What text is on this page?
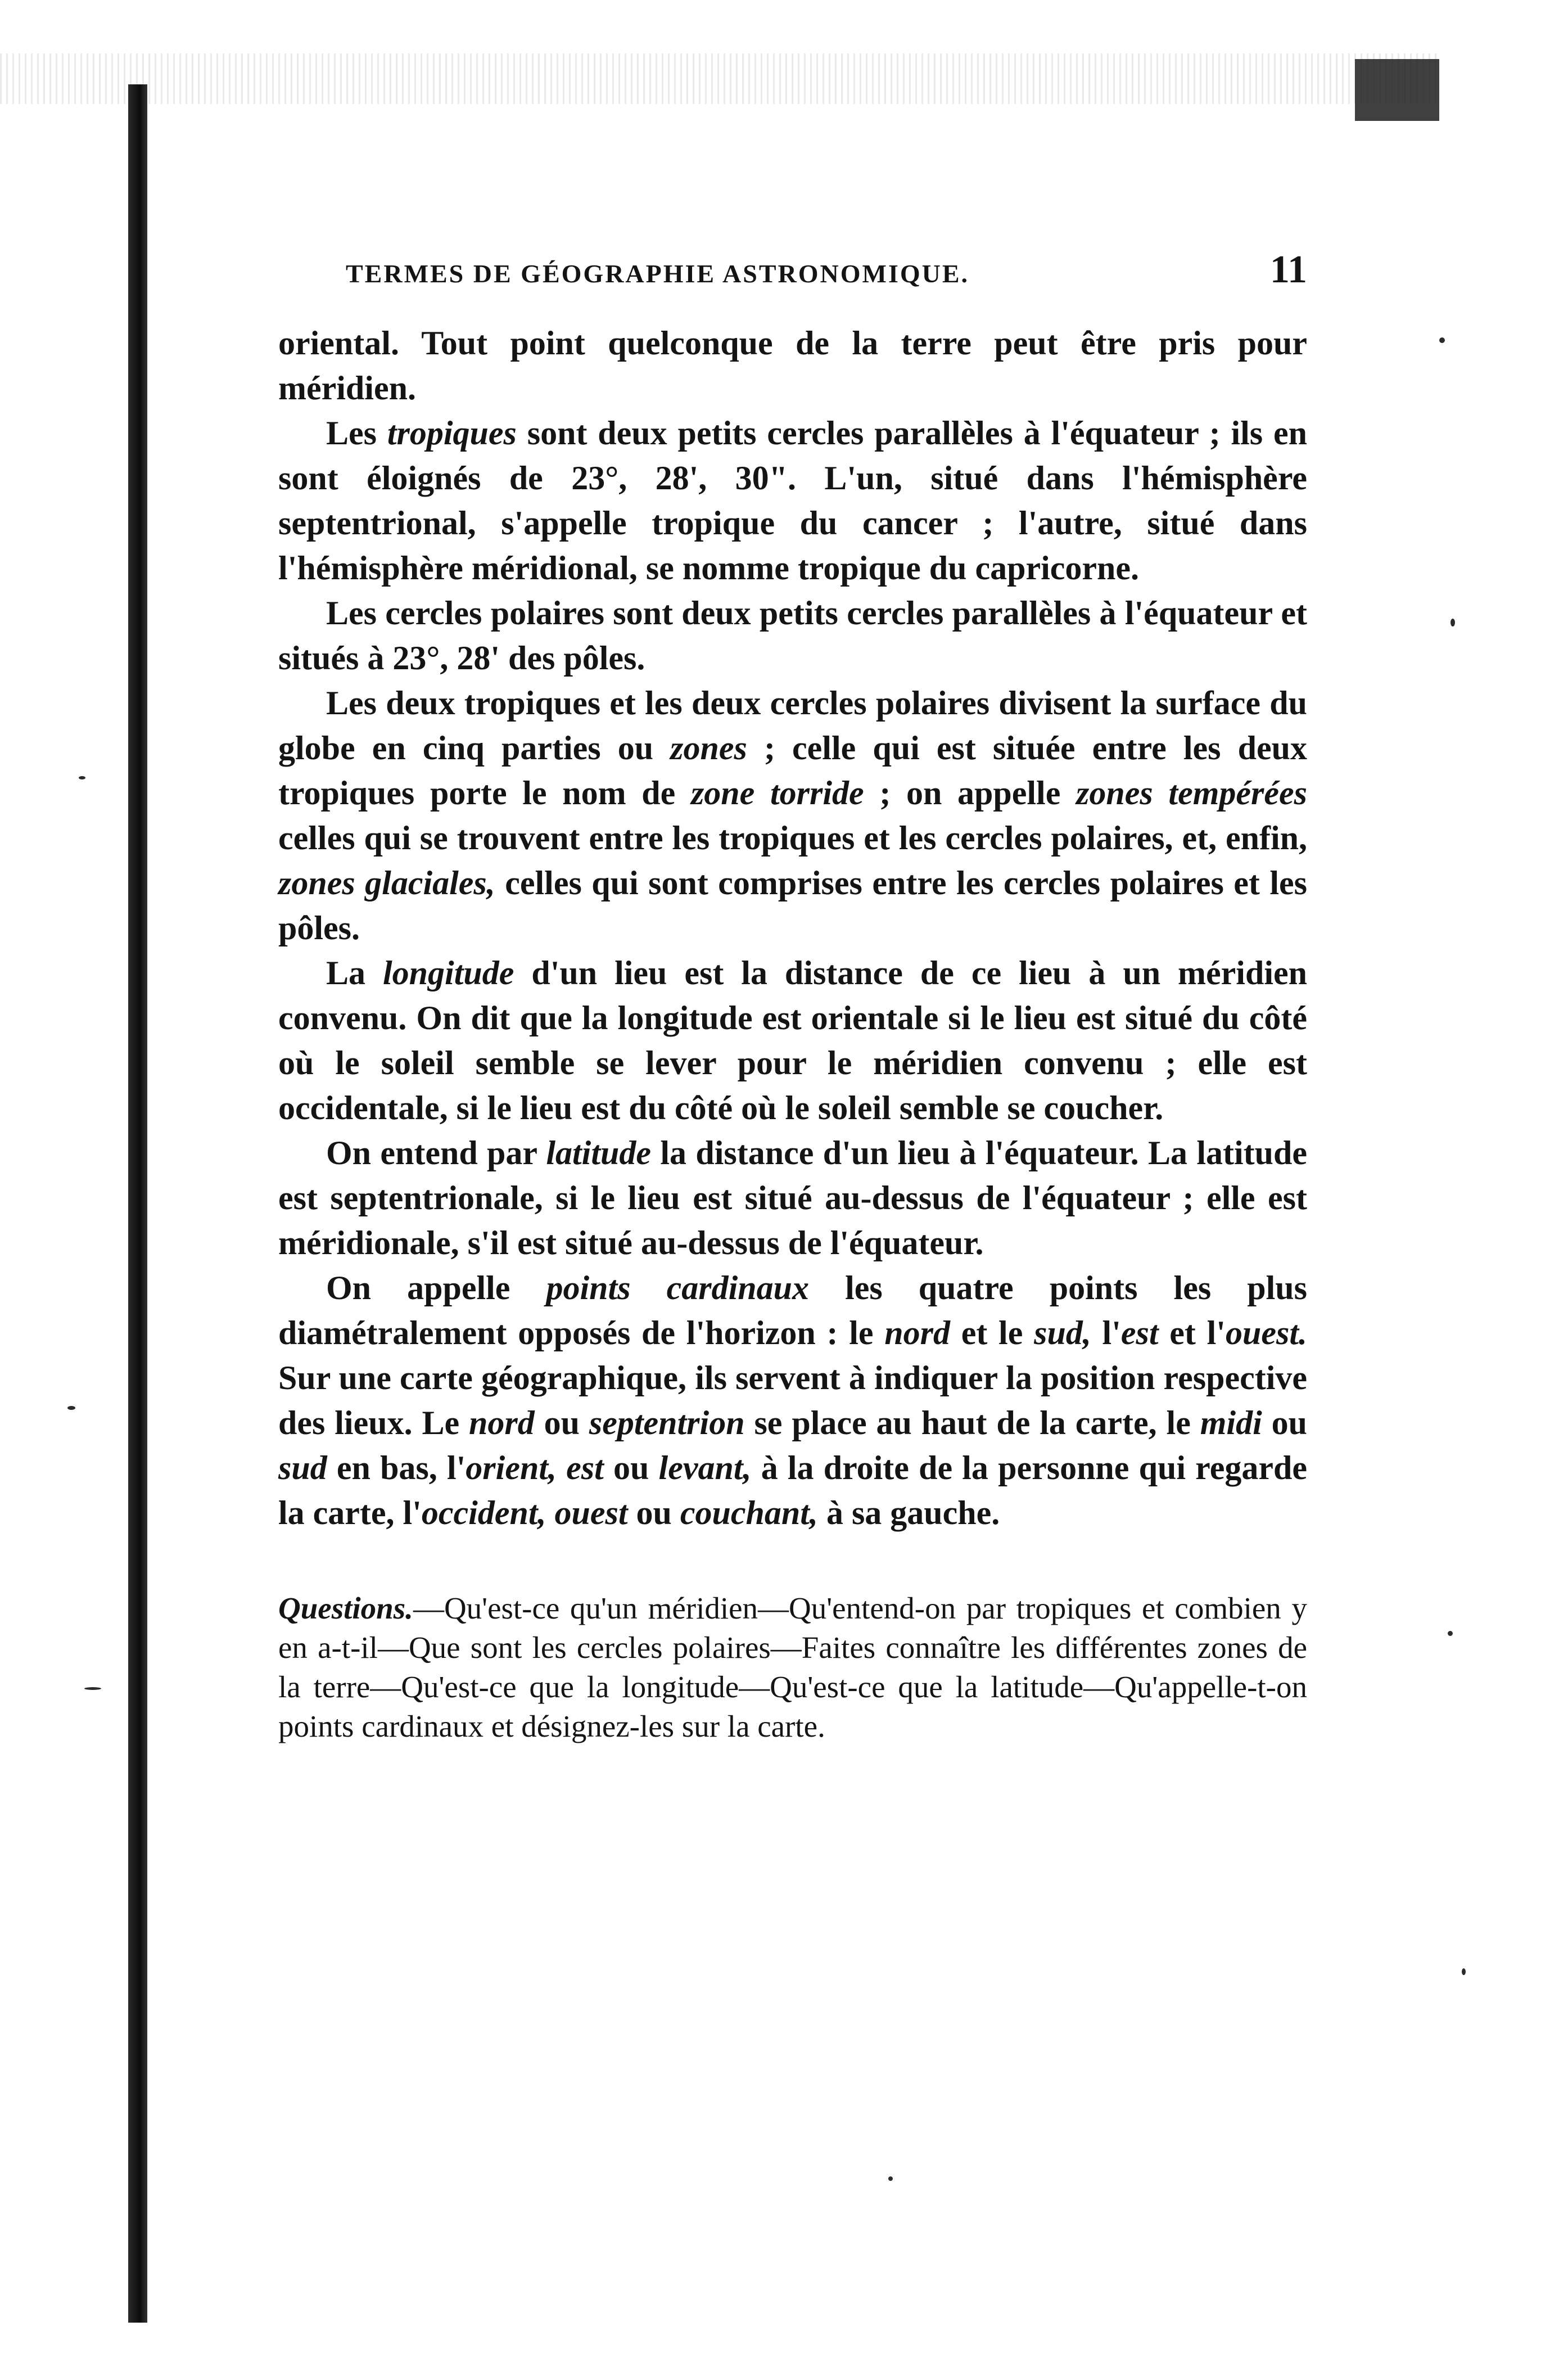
TERMES DE GÉOGRAPHIE ASTRONOMIQUE.	11

oriental. Tout point quelconque de la terre peut être pris pour méridien.

Les tropiques sont deux petits cercles parallèles à l'équateur ; ils en sont éloignés de 23°, 28', 30". L'un, situé dans l'hémisphère septentrional, s'appelle tropique du cancer ; l'autre, situé dans l'hémisphère méridional, se nomme tropique du capricorne.

Les cercles polaires sont deux petits cercles parallèles à l'équateur et situés à 23°, 28' des pôles.

Les deux tropiques et les deux cercles polaires divisent la surface du globe en cinq parties ou zones ; celle qui est située entre les deux tropiques porte le nom de zone torride ; on appelle zones tempérées celles qui se trouvent entre les tropiques et les cercles polaires, et, enfin, zones glaciales, celles qui sont comprises entre les cercles polaires et les pôles.

La longitude d'un lieu est la distance de ce lieu à un méridien convenu. On dit que la longitude est orientale si le lieu est situé du côté où le soleil semble se lever pour le méridien convenu ; elle est occidentale, si le lieu est du côté où le soleil semble se coucher.

On entend par latitude la distance d'un lieu à l'équateur. La latitude est septentrionale, si le lieu est situé au-dessus de l'équateur ; elle est méridionale, s'il est situé au-dessus de l'équateur.

On appelle points cardinaux les quatre points les plus diamétralement opposés de l'horizon : le nord et le sud, l'est et l'ouest. Sur une carte géographique, ils servent à indiquer la position respective des lieux. Le nord ou septentrion se place au haut de la carte, le midi ou sud en bas, l'orient, est ou levant, à la droite de la personne qui regarde la carte, l'occident, ouest ou couchant, à sa gauche.

Questions.—Qu'est-ce qu'un méridien—Qu'entend-on par tropiques et combien y en a-t-il—Que sont les cercles polaires—Faites connaître les différentes zones de la terre—Qu'est-ce que la longitude—Qu'est-ce que la latitude—Qu'appelle-t-on points cardinaux et désignez-les sur la carte.
